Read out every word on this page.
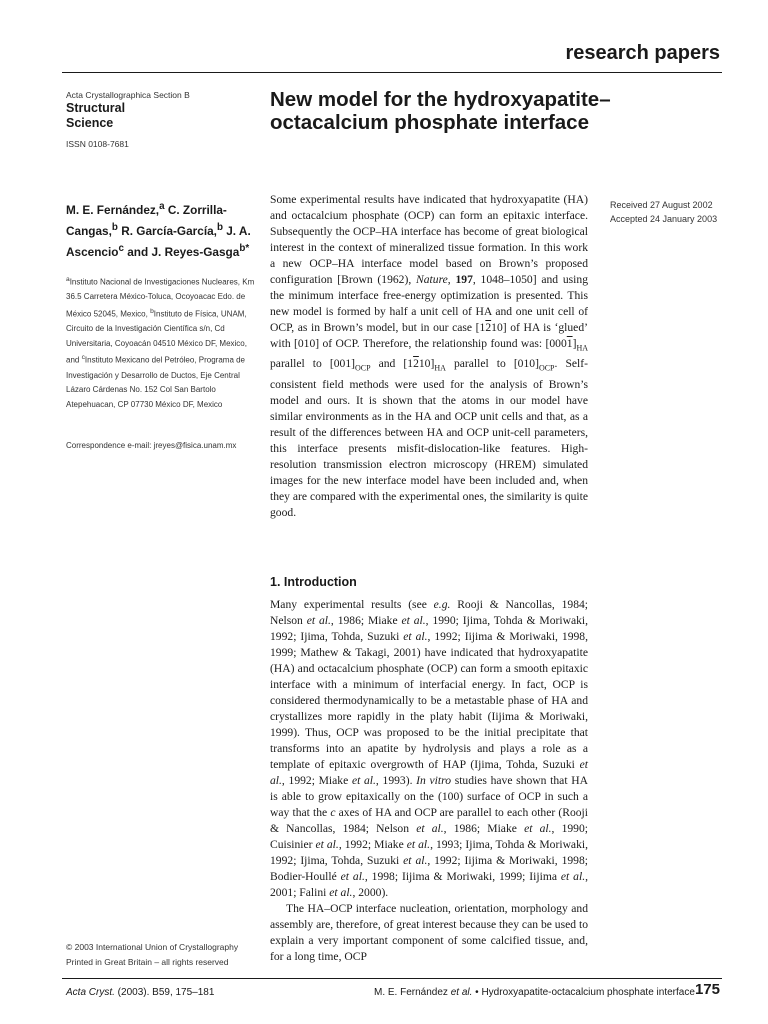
research papers
Acta Crystallographica Section B
Structural
Science
ISSN 0108-7681
New model for the hydroxyapatite–octacalcium phosphate interface
M. E. Fernández,$^a$ C. Zorrilla-Cangas,$^b$ R. García-García,$^b$ J. A. Ascencio$^c$ and J. Reyes-Gasga$^{b*}$
$^a$Instituto Nacional de Investigaciones Nucleares, Km 36.5 Carretera México-Toluca, Ocoyoacac Edo. de México 52045, Mexico, $^b$Instituto de Física, UNAM, Circuito de la Investigación Científica s/n, Cd Universitaria, Coyoacán 04510 México DF, Mexico, and $^c$Instituto Mexicano del Petróleo, Programa de Investigación y Desarrollo de Ductos, Eje Central Lázaro Cárdenas No. 152 Col San Bartolo Atepehuacan, CP 07730 México DF, Mexico
Correspondence e-mail: jreyes@fisica.unam.mx
Received 27 August 2002
Accepted 24 January 2003
Some experimental results have indicated that hydroxyapatite (HA) and octacalcium phosphate (OCP) can form an epitaxic interface. Subsequently the OCP–HA interface has become of great biological interest in the context of mineralized tissue formation. In this work a new OCP–HA interface model based on Brown’s proposed configuration [Brown (1962), Nature, 197, 1048–1050] and using the minimum interface free-energy optimization is presented. This new model is formed by half a unit cell of HA and one unit cell of OCP, as in Brown’s model, but in our case [1210] of HA is ‘glued’ with [010] of OCP. Therefore, the relationship found was: $[0001]_{HA}$ parallel to $[001]_{OCP}$ and $[1210]_{HA}$ parallel to $[010]_{OCP}$. Self-consistent field methods were used for the analysis of Brown’s model and ours. It is shown that the atoms in our model have similar environments as in the HA and OCP unit cells and that, as a result of the differences between HA and OCP unit-cell parameters, this interface presents misfit-dislocation-like features. High-resolution transmission electron microscopy (HREM) simulated images for the new interface model have been included and, when they are compared with the experimental ones, the similarity is quite good.
1. Introduction

Many experimental results (see e.g. Rooji & Nancollas, 1984; Nelson et al., 1986; Miake et al., 1990; Ijima, Tohda & Moriwaki, 1992; Ijima, Tohda, Suzuki et al., 1992; Iijima & Moriwaki, 1998, 1999; Mathew & Takagi, 2001) have indicated that hydroxyapatite (HA) and octacalcium phosphate (OCP) can form a smooth epitaxic interface with a minimum of interfacial energy. In fact, OCP is considered thermodynamically to be a metastable phase of HA and crystallizes more rapidly in the platy habit (Iijima & Moriwaki, 1999). Thus, OCP was proposed to be the initial precipitate that transforms into an apatite by hydrolysis and plays a role as a template of epitaxic overgrowth of HAP (Ijima, Tohda, Suzuki et al., 1992; Miake et al., 1993). In vitro studies have shown that HA is able to grow epitaxically on the (100) surface of OCP in such a way that the c axes of HA and OCP are parallel to each other (Rooji & Nancollas, 1984; Nelson et al., 1986; Miake et al., 1990; Cuisinier et al., 1992; Miake et al., 1993; Ijima, Tohda & Moriwaki, 1992; Ijima, Tohda, Suzuki et al., 1992; Iijima & Moriwaki, 1998; Bodier-Houllé et al., 1998; Iijima & Moriwaki, 1999; Iijima et al., 2001; Falini et al., 2000).

The HA–OCP interface nucleation, orientation, morphology and assembly are, therefore, of great interest because they can be used to explain a very important component of some calcified tissue, and, for a long time, OCP

© 2003 International Union of Crystallography
Printed in Great Britain – all rights reserved
Acta Cryst. (2003). B59, 175–181	M. E. Fernández et al. • Hydroxyapatite-octacalcium phosphate interface 175
